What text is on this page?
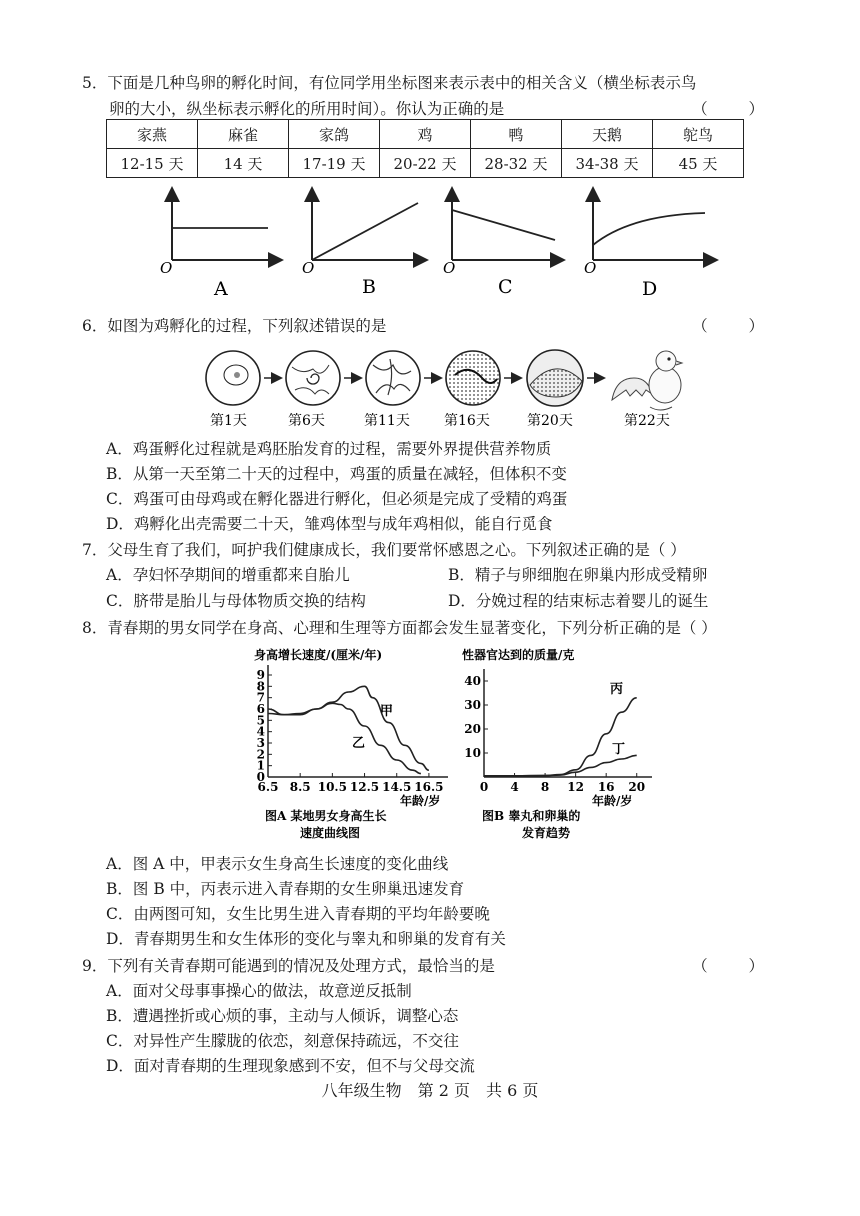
5．下面是几种鸟卵的孵化时间，有位同学用坐标图来表示表中的相关含义（横坐标表示鸟
卵的大小，纵坐标表示孵化的所用时间）。你认为正确的是	（ ）
家燕	麻雀	家鸽	鸡	鸭	天鹅	鸵鸟
12-15 天	14 天	17-19 天	20-22 天	28-32 天	34-38 天	45 天
O
A
O
B
O
C
O
D
6．如图为鸡孵化的过程，下列叙述错误的是	（ ）
第1天	第6天	第11天 第16天	第20天	第22天
A．鸡蛋孵化过程就是鸡胚胎发育的过程，需要外界提供营养物质
B．从第一天至第二十天的过程中，鸡蛋的质量在减轻，但体积不变
C．鸡蛋可由母鸡或在孵化器进行孵化，但必须是完成了受精的鸡蛋
D．鸡孵化出壳需要二十天，雏鸡体型与成年鸡相似，能自行觅食
7．父母生育了我们，呵护我们健康成长，我们要常怀感恩之心。下列叙述正确的是（ ）
A．孕妇怀孕期间的增重都来自胎儿	B．精子与卵细胞在卵巢内形成受精卵
C．脐带是胎儿与母体物质交换的结构	D．分娩过程的结束标志着婴儿的诞生
8．青春期的男女同学在身高、心理和生理等方面都会发生显著变化，下列分析正确的是（ ）
身高增长速度/(厘米/年)
0
1
2
3
4
5
6
7
8
9
6.5 8.5 10.5 12.5 14.5 16.5
甲
乙
年龄/岁
图A 某地男女身高生长
速度曲线图
性器官达到的质量/克
10
20
30
40
0 4 8 12 16 20
丙
丁
年龄/岁
图B 睾丸和卵巢的
发育趋势
A．图 A 中，甲表示女生身高生长速度的变化曲线
B．图 B 中，丙表示进入青春期的女生卵巢迅速发育
C．由两图可知，女生比男生进入青春期的平均年龄要晚
D．青春期男生和女生体形的变化与睾丸和卵巢的发育有关
9．下列有关青春期可能遇到的情况及处理方式，最恰当的是	（ ）
A．面对父母事事操心的做法，故意逆反抵制
B．遭遇挫折或心烦的事，主动与人倾诉，调整心态
C．对异性产生朦胧的依恋，刻意保持疏远，不交往
D．面对青春期的生理现象感到不安，但不与父母交流
八年级生物　第 2 页　共 6 页
